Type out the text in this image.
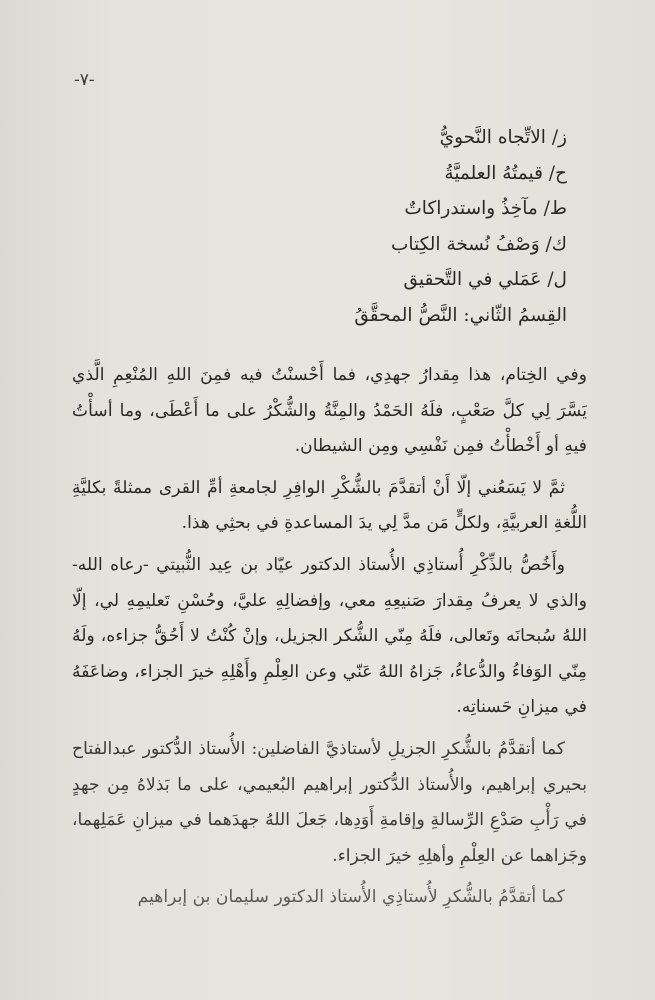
-٧-
ز/ الاتِّجاه النَّحويُّ
ح/ قيمتُهُ العلميَّةُ
ط/ مآخِذُ واستدراكاتٌ
ك/ وَصْفُ نُسخة الكِتاب
ل/ عَمَلي في التَّحقيق
القِسمُ الثّاني: النَّصُّ المحقَّقُ

وفي الخِتام، هذا مِقدارُ جهدِي، فما أَحْسنْتُ فيه فمِنَ اللهِ المُنْعِمِ الَّذي يَسَّرَ لِي كلَّ صَعْبٍ، فلَهُ الحَمْدُ والمِنَّةُ والشُّكْرُ على ما أَعْطَى، وما أسأْتُ فيهِ أو أَخْطأْتُ فمِن نَفْسِي ومِن الشيطان.

ثمَّ لا يَسَعُني إلّا أَنْ أتقدَّمَ بالشُّكْرِ الوافِرِ لجامعةِ أمِّ القرى ممثلةً بكليَّةِ اللُّغةِ العربيَّةِ، ولكلٍّ مَن مدَّ لِي يدَ المساعدةِ في بحثِي هذا.

وأَخُصُّ بالذِّكْرِ أُستاذِي الأُستاذ الدكتور عيّاد بن عِيد الثُّبيتي -رعاه الله- والذي لا يعرفُ مِقدارَ صَنيعِهِ معي، وإفضالِهِ عليَّ، وحُسْنِ تَعليمِهِ لي، إلّا اللهُ سُبحانَه وتَعالى، فلَهُ مِنّي الشُّكر الجزيل، وإنْ كُنْتُ لا أَحُقُّ جزاءه، ولَهُ مِنّي الوَفاءُ والدُّعاءُ، جَزاهُ اللهُ عَنّي وعن العِلْمِ وأَهْلِهِ خيرَ الجزاء، وضاعَفَهُ في ميزانِ حَسناتِه.

كما أتقدَّمُ بالشُّكرِ الجزيلِ لأستاذيَّ الفاضلين: الأُستاذ الدُّكتور عبدالفتاح بحيري إبراهيم، والأُستاذ الدُّكتور إبراهيم البُعيمي، على ما بَذلاهُ مِن جهدٍ في رَأْبِ صَدْعِ الرِّسالةِ وإقامةِ أَوَدِها، جَعلَ اللهُ جهدَهما في ميزانِ عَمَلِهما، وجَزاهما عن العِلْمِ وأهلِهِ خيرَ الجزاء.

كما أتقدَّمُ بالشُّكرِ لأُستاذِي الأُستاذ الدكتور سليمان بن إبراهيم
